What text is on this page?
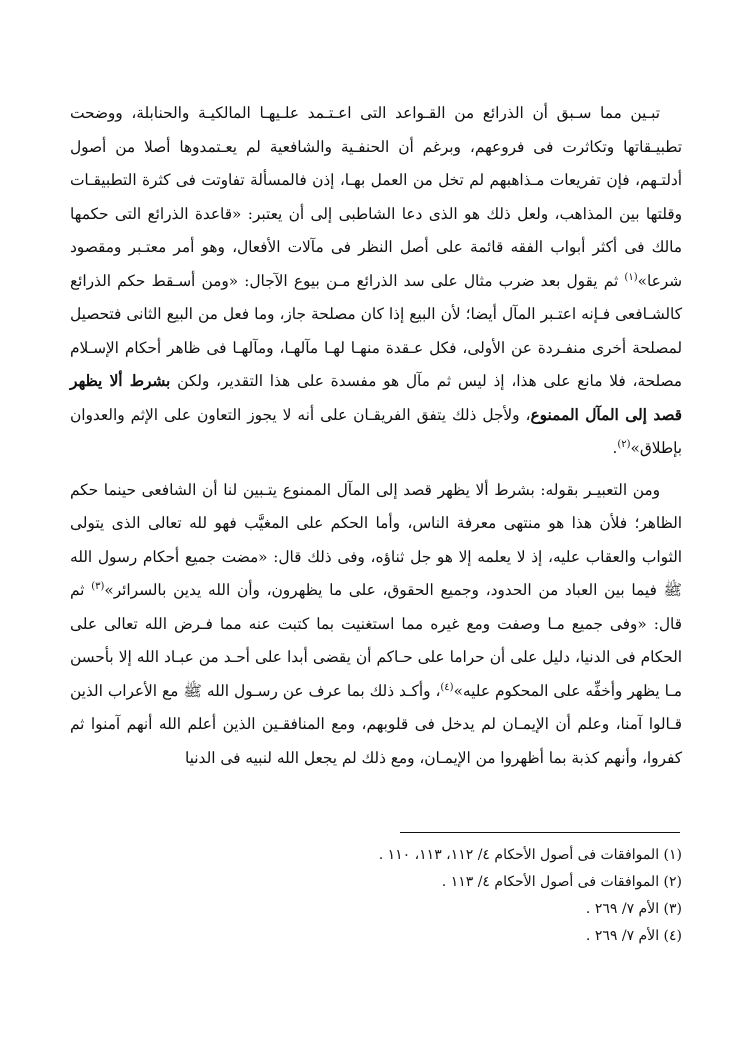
تبـين مما سـبق أن الذرائع من القـواعد التى اعـتـمد علـيهـا المالكيـة والحنابلة، ووضحت تطبيـقاتها وتكاثرت فى فروعهم، وبرغم أن الحنفـية والشافعية لم يعـتمدوها أصلا من أصول أدلتـهم، فإن تفريعات مـذاهبهم لم تخل من العمل بهـا، إذن فالمسألة تفاوتت فى كثرة التطبيقـات وقلتها بين المذاهب، ولعل ذلك هو الذى دعا الشاطبى إلى أن يعتبر: «قاعدة الذرائع التى حكمها مالك فى أكثر أبواب الفقه قائمة على أصل النظر فى مآلات الأفعال، وهو أمر معتـبر ومقصود شرعا»$^{(١)}$ ثم يقول بعد ضرب مثال على سد الذرائع مـن بيوع الآجال: «ومن أسـقط حكم الذرائع كالشـافعى فـإنه اعتـبر المآل أيضا؛ لأن البيع إذا كان مصلحة جاز، وما فعل من البيع الثانى فتحصيل لمصلحة أخرى منفـردة عن الأولى، فكل عـقدة منهـا لهـا مآلهـا، ومآلهـا فى ظاهر أحكام الإسـلام مصلحة، فلا مانع على هذا، إذ ليس ثم مآل هو مفسدة على هذا التقدير، ولكن بشرط ألا يظهر قصد إلى المآل الممنوع، ولأجل ذلك يتفق الفريقـان على أنه لا يجوز التعاون على الإثم والعدوان بإطلاق»$^{(٢)}$.

ومن التعبيـر بقوله: بشرط ألا يظهر قصد إلى المآل الممنوع يتـبين لنا أن الشافعى حينما حكم الظاهر؛ فلأن هذا هو منتهى معرفة الناس، وأما الحكم على المغيَّب فهو لله تعالى الذى يتولى الثواب والعقاب عليه، إذ لا يعلمه إلا هو جل ثناؤه، وفى ذلك قال: «مضت جميع أحكام رسول الله ﷺ فيما بين العباد من الحدود، وجميع الحقوق، على ما يظهرون، وأن الله يدين بالسرائر»$^{(٣)}$ ثم قال: «وفى جميع مـا وصفت ومع غيره مما استغنيت بما كتبت عنه مما فـرض الله تعالى على الحكام فى الدنيا، دليل على أن حراما على حـاكم أن يقضى أبدا على أحـد من عبـاد الله إلا بأحسن مـا يظهر وأخفِّه على المحكوم عليه»$^{(٤)}$، وأكـد ذلك بما عرف عن رسـول الله ﷺ مع الأعراب الذين قـالوا آمنا، وعلم أن الإيمـان لم يدخل فى قلوبهم، ومع المنافقـين الذين أعلم الله أنهم آمنوا ثم كفروا، وأنهم كذبة بما أظهروا من الإيمـان، ومع ذلك لم يجعل الله لنبيه فى الدنيا

(١) الموافقات فى أصول الأحكام ٤/ ١١٢، ١١٣، ١١٠ .
(٢) الموافقات فى أصول الأحكام ٤/ ١١٣ .
(٣) الأم ٧/ ٢٦٩ .
(٤) الأم ٧/ ٢٦٩ .
